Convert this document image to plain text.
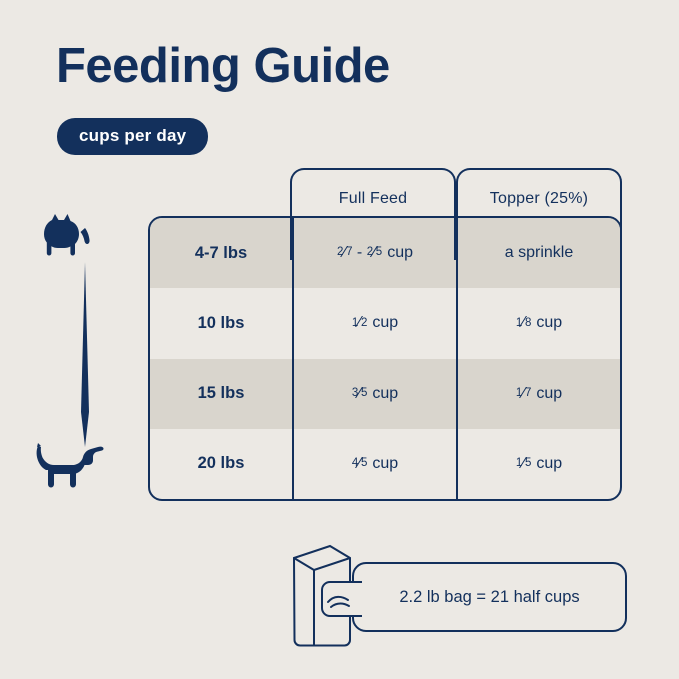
Feeding Guide
cups per day
Full Feed	Topper (25%)
4-7 lbs	2 ⁄ 7 - 2 ⁄ 5 cup	a sprinkle
10 lbs	1 ⁄ 2 cup	1 ⁄ 8 cup
15 lbs	3 ⁄ 5 cup	1 ⁄ 7 cup
20 lbs	4 ⁄ 5 cup	1 ⁄ 5 cup
2.2 lb bag = 21 half cups
